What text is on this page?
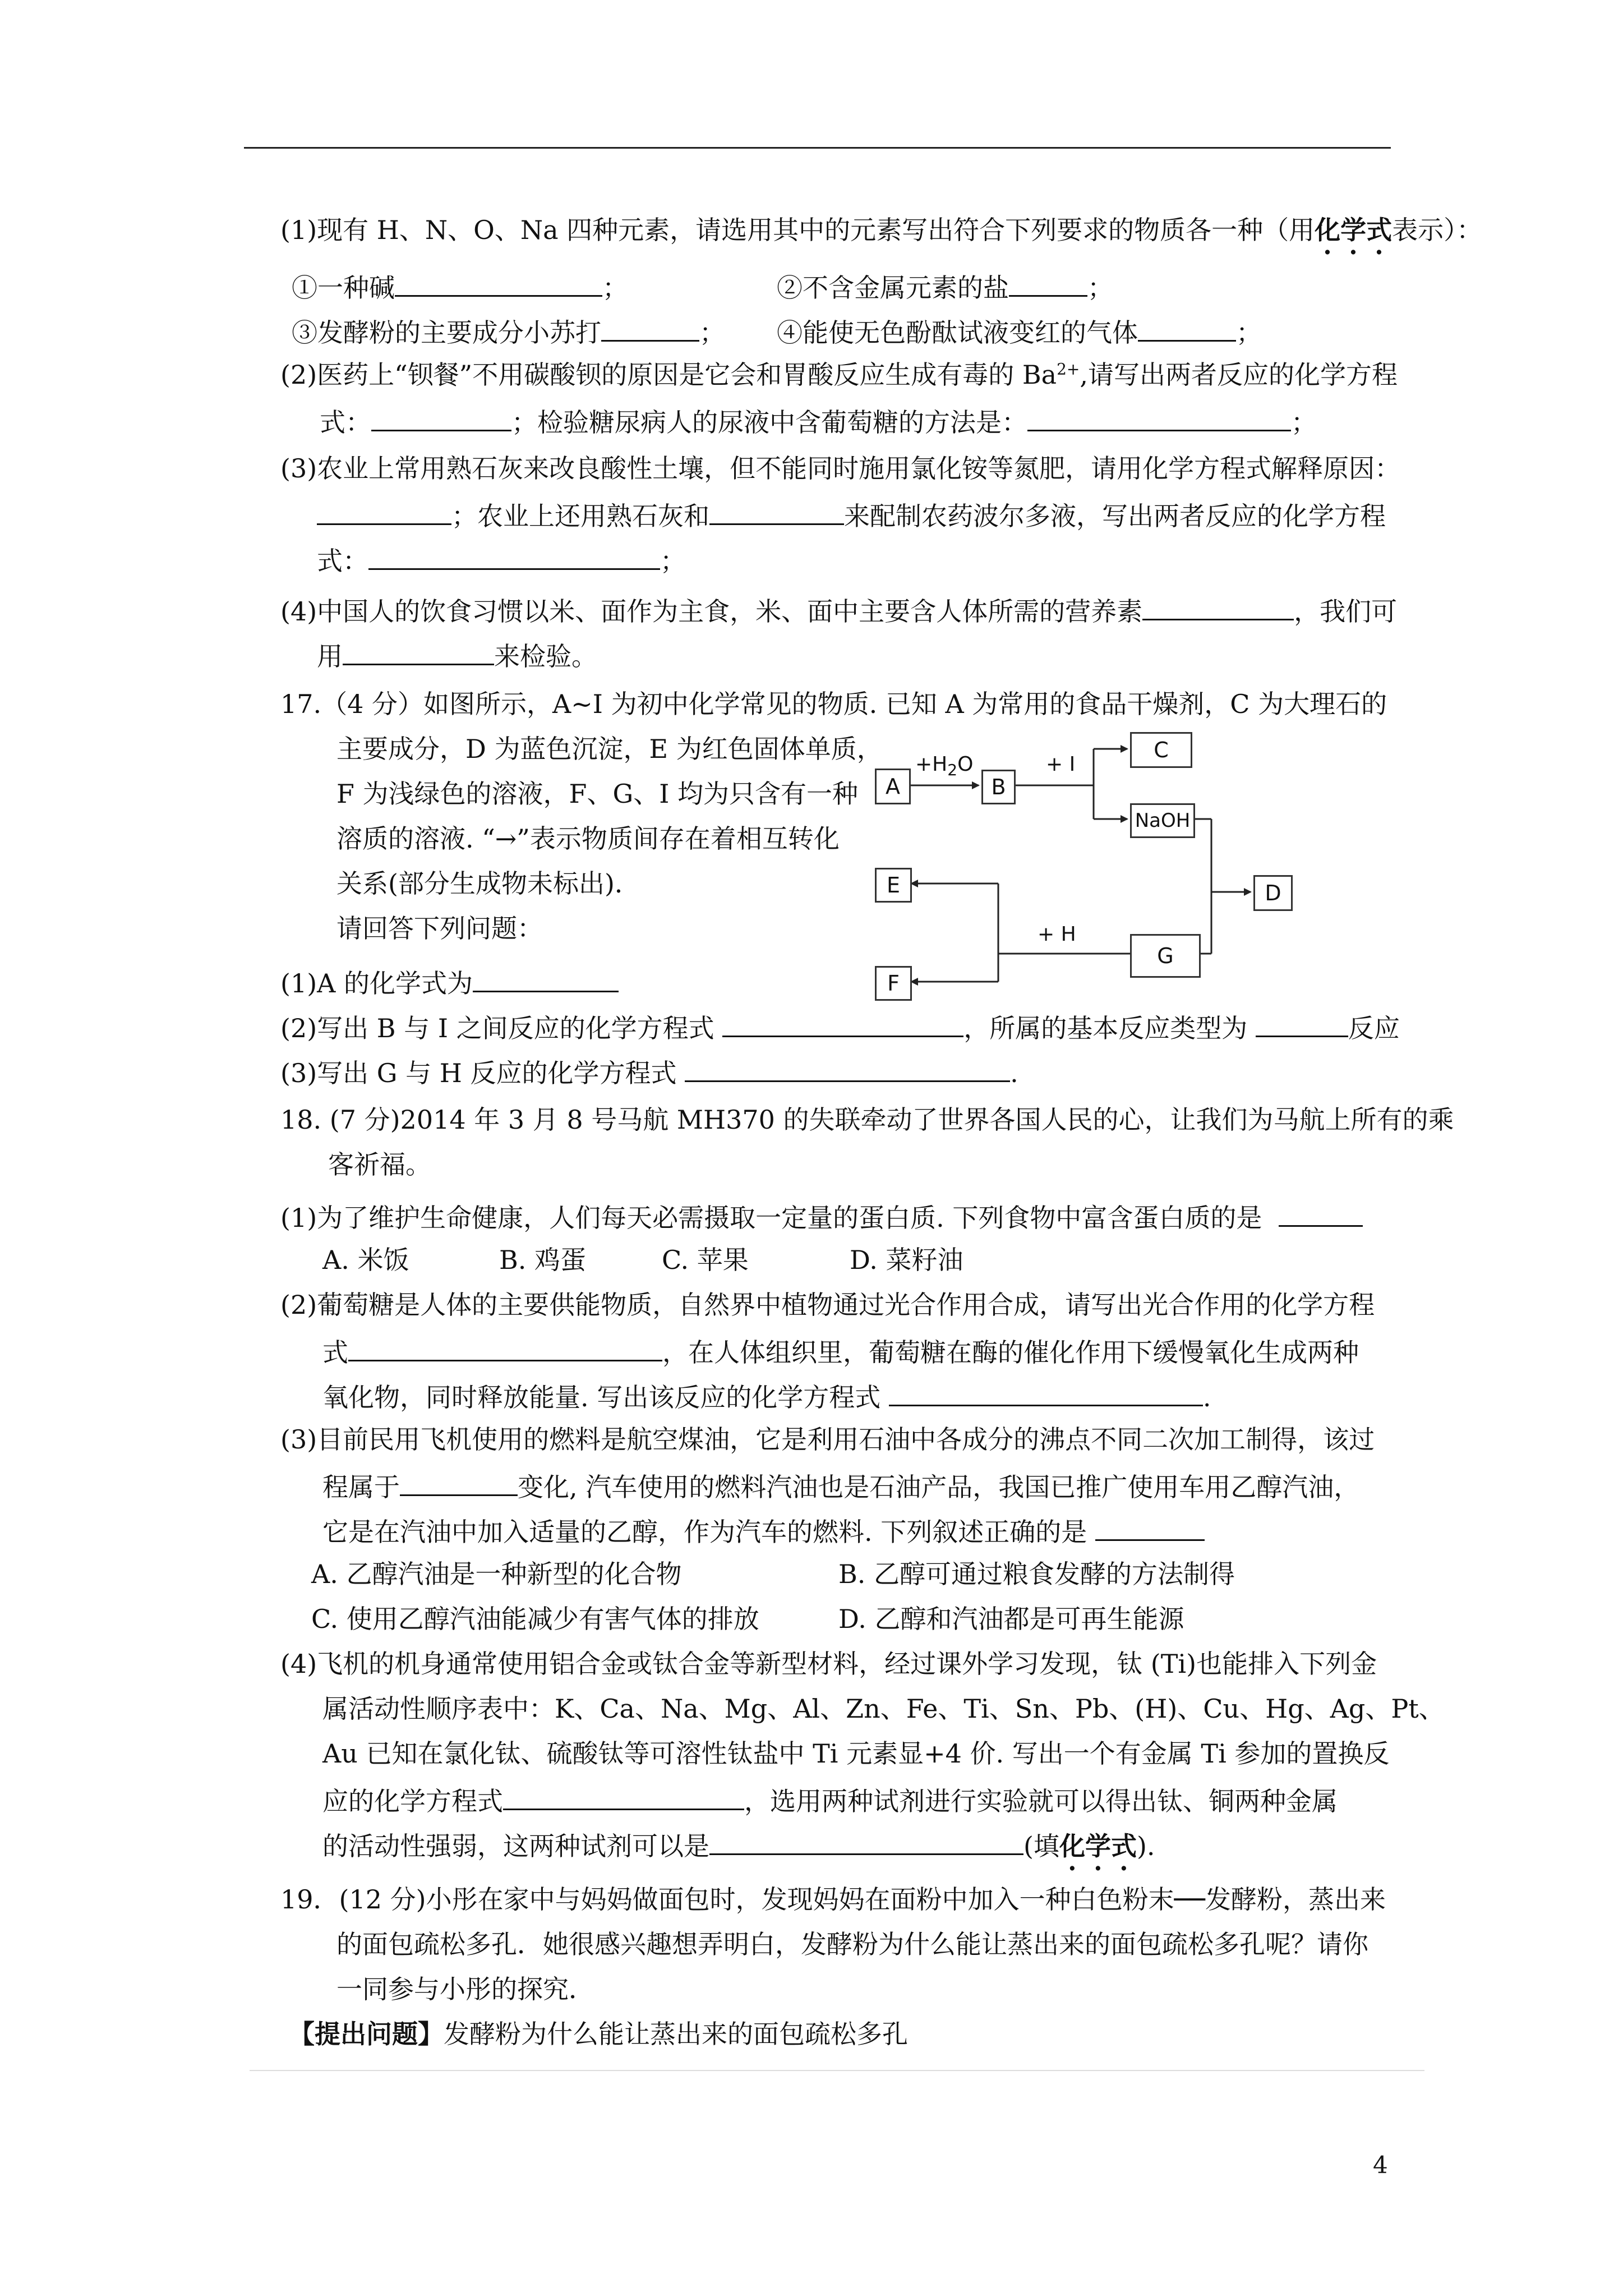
(1)现有 H、N、O、Na 四种元素，请选用其中的元素写出符合下列要求的物质各一种（用化学式表示）：
①一种碱	；	②不含金属元素的盐	；
③发酵粉的主要成分小苏打	； ④能使无色酚酞试液变红的气体	；
(2)医药上“钡餐”不用碳酸钡的原因是它会和胃酸反应生成有毒的 $Ba^{2+}$,请写出两者反应的化学方程
式：	；检验糖尿病人的尿液中含葡萄糖的方法是：	；
(3)农业上常用熟石灰来改良酸性土壤，但不能同时施用氯化铵等氮肥，请用化学方程式解释原因：
；农业上还用熟石灰和	来配制农药波尔多液，写出两者反应的化学方程
式：	；
(4)中国人的饮食习惯以米、面作为主食，米、面中主要含人体所需的营养素	，我们可
用	来检验。
17.（4 分）如图所示，A~I 为初中化学常见的物质. 已知 A 为常用的食品干燥剂，C 为大理石的
主要成分，D 为蓝色沉淀，E 为红色固体单质，
F 为浅绿色的溶液，F、G、I 均为只含有一种
溶质的溶液. “→”表示物质间存在着相互转化
关系(部分生成物未标出)．
请回答下列问题：
A	B
C
NaOH
D
E
G
F
$+H_2O$	+ I
+ H
(1)A 的化学式为
(2)写出 B 与 I 之间反应的化学方程式	，所属的基本反应类型为	反应
(3)写出 G 与 H 反应的化学方程式	.
18. (7 分)2014 年 3 月 8 号马航 MH370 的失联牵动了世界各国人民的心，让我们为马航上所有的乘
客祈福。
(1)为了维护生命健康，人们每天必需摄取一定量的蛋白质. 下列食物中富含蛋白质的是
A. 米饭	B. 鸡蛋	C. 苹果	D. 菜籽油
(2)葡萄糖是人体的主要供能物质，自然界中植物通过光合作用合成，请写出光合作用的化学方程
式	，在人体组织里，葡萄糖在酶的催化作用下缓慢氧化生成两种
氧化物，同时释放能量. 写出该反应的化学方程式	.
(3)目前民用飞机使用的燃料是航空煤油，它是利用石油中各成分的沸点不同二次加工制得，该过
程属于	变化, 汽车使用的燃料汽油也是石油产品，我国已推广使用车用乙醇汽油，
它是在汽油中加入适量的乙醇，作为汽车的燃料. 下列叙述正确的是
A. 乙醇汽油是一种新型的化合物	B. 乙醇可通过粮食发酵的方法制得
C. 使用乙醇汽油能减少有害气体的排放	D. 乙醇和汽油都是可再生能源
(4)飞机的机身通常使用铝合金或钛合金等新型材料，经过课外学习发现，钛 (Ti)也能排入下列金
属活动性顺序表中：K、Ca、Na、Mg、Al、Zn、Fe、Ti、Sn、Pb、(H)、Cu、Hg、Ag、Pt、
Au 已知在氯化钛、硫酸钛等可溶性钛盐中 Ti 元素显+4 价. 写出一个有金属 Ti 参加的置换反
应的化学方程式	，选用两种试剂进行实验就可以得出钛、铜两种金属
的活动性强弱，这两种试剂可以是	(填化学式).
19．(12 分)小彤在家中与妈妈做面包时，发现妈妈在面粉中加入一种白色粉末──发酵粉，蒸出来
的面包疏松多孔．她很感兴趣想弄明白，发酵粉为什么能让蒸出来的面包疏松多孔呢？请你
一同参与小彤的探究．
【提出问题】发酵粉为什么能让蒸出来的面包疏松多孔
4
